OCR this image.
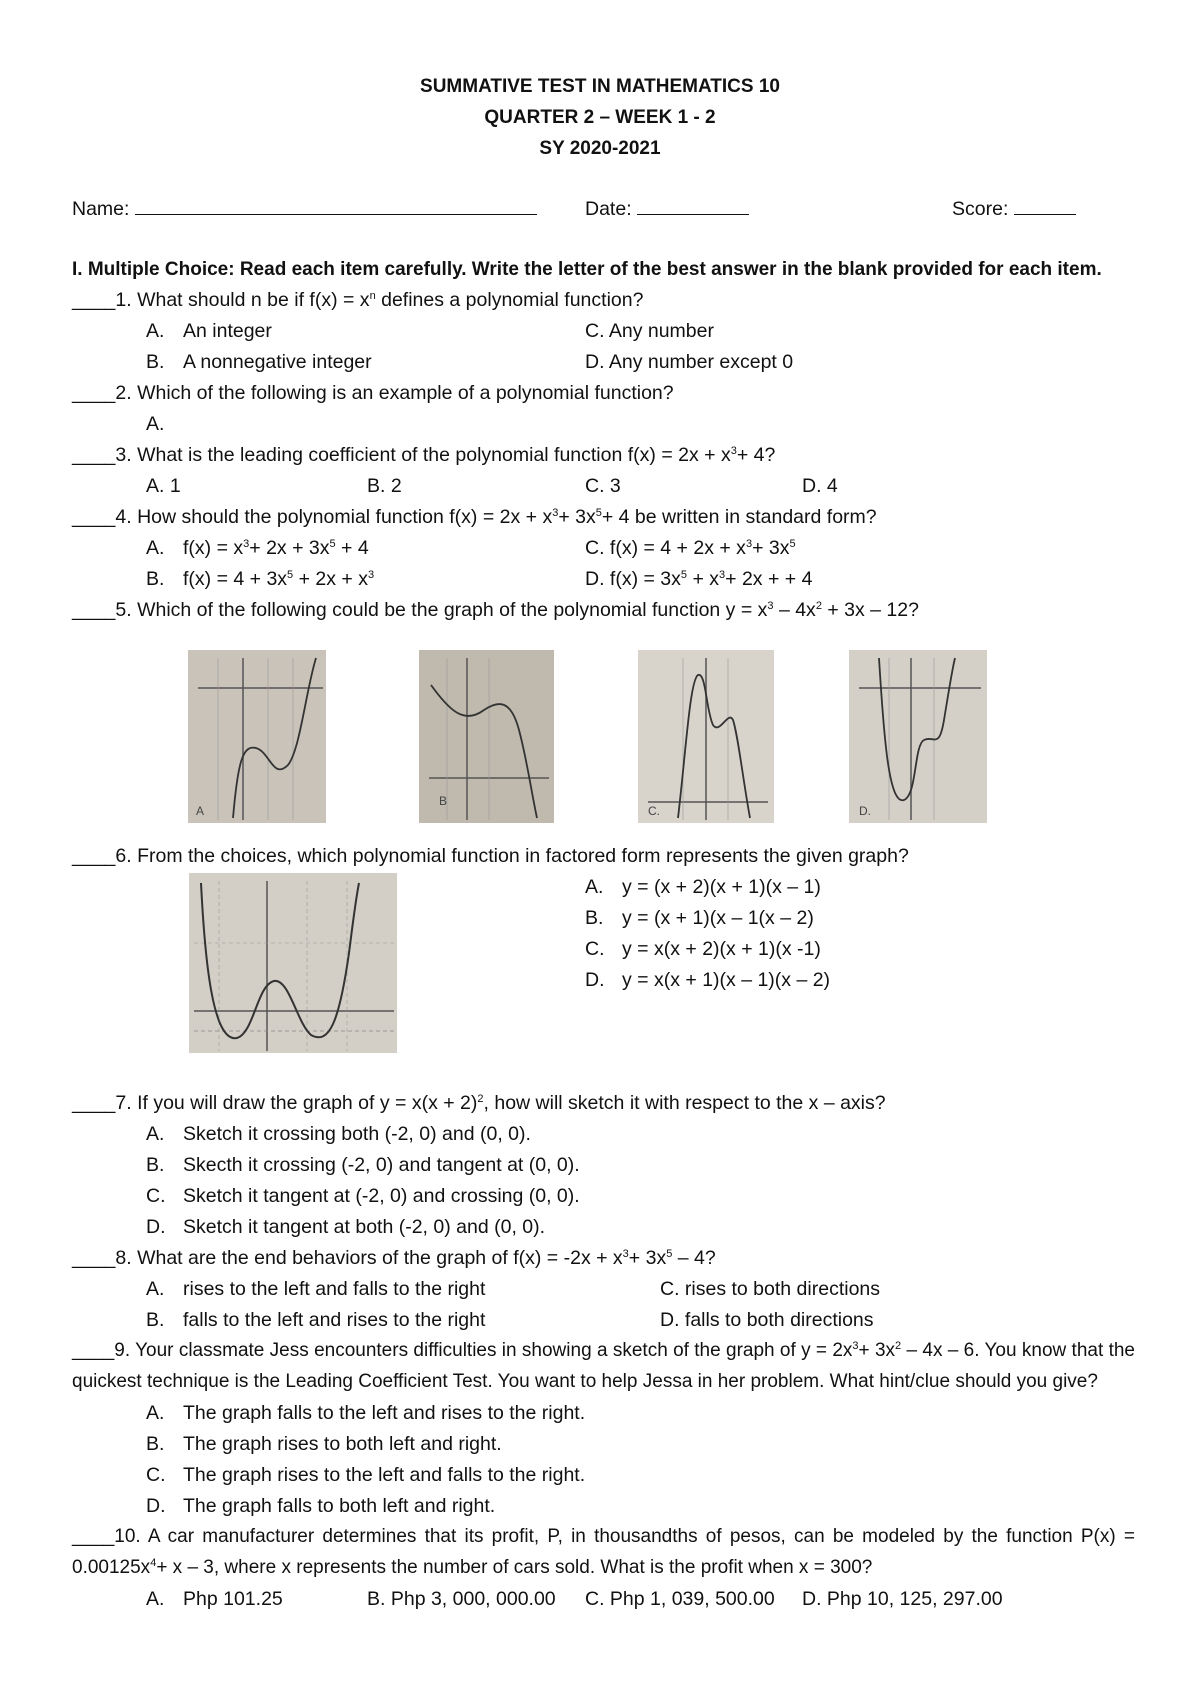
SUMMATIVE TEST IN MATHEMATICS 10
QUARTER 2 – WEEK 1 - 2
SY 2020-2021
Name:	Date:	Score:
I. Multiple Choice: Read each item carefully. Write the letter of the best answer in the blank provided for each item.
____1. What should n be if $f(x) = x^n$ defines a polynomial function?
A. An integer	C. Any number
B. A nonnegative integer	D. Any number except 0
____2. Which of the following is an example of a polynomial function?
A.
____3. What is the leading coefficient of the polynomial function $f(x) = 2x + x^3+ 4$?
A. 1	B. 2	C. 3	D. 4
____4. How should the polynomial function $f(x) = 2x + x^3+ 3x^5+ 4$ be written in standard form?
A. $f(x) = x^3+ 2x + 3x^5 + 4$	C. $f(x) = 4 + 2x + x^3+ 3x^5$
B. $f(x) = 4 + 3x^5 + 2x + x^3$	D. $f(x) = 3x^5 + x^3+ 2x$ + + 4
____5. Which of the following could be the graph of the polynomial function $y = x^3 - 4x^2 + 3x - 12$?
A
B
C.	D.
____6. From the choices, which polynomial function in factored form represents the given graph?
A. y = (x + 2)(x + 1)(x – 1)
B. y = (x + 1)(x – 1(x – 2)
C. y = x(x + 2)(x + 1)(x -1)
D. y = x(x + 1)(x – 1)(x – 2)
____7. If you will draw the graph of $y = x(x + 2)^2$, how will sketch it with respect to the x – axis?
A. Sketch it crossing both (-2, 0) and (0, 0).
B. Skecth it crossing (-2, 0) and tangent at (0, 0).
C. Sketch it tangent at (-2, 0) and crossing (0, 0).
D. Sketch it tangent at both (-2, 0) and (0, 0).
____8. What are the end behaviors of the graph of $f(x) = -2x + x^3+ 3x^5 - 4$?
A. rises to the left and falls to the right	C. rises to both directions
B. falls to the left and rises to the right	D. falls to both directions
____9. Your classmate Jess encounters difficulties in showing a sketch of the graph of $y = 2x^3+ 3x^2 - 4x - 6$. You know that the
quickest technique is the Leading Coefficient Test. You want to help Jessa in her problem. What hint/clue should you give?
A. The graph falls to the left and rises to the right.
B. The graph rises to both left and right.
C. The graph rises to the left and falls to the right.
D. The graph falls to both left and right.
____10. A car manufacturer determines that its profit, P, in thousandths of pesos, can be modeled by the function P(x) =
$0.00125x^4+ x - 3$, where x represents the number of cars sold. What is the profit when x = 300?
A. Php 101.25	B. Php 3, 000, 000.00 C. Php 1, 039, 500.00 D. Php 10, 125, 297.00
